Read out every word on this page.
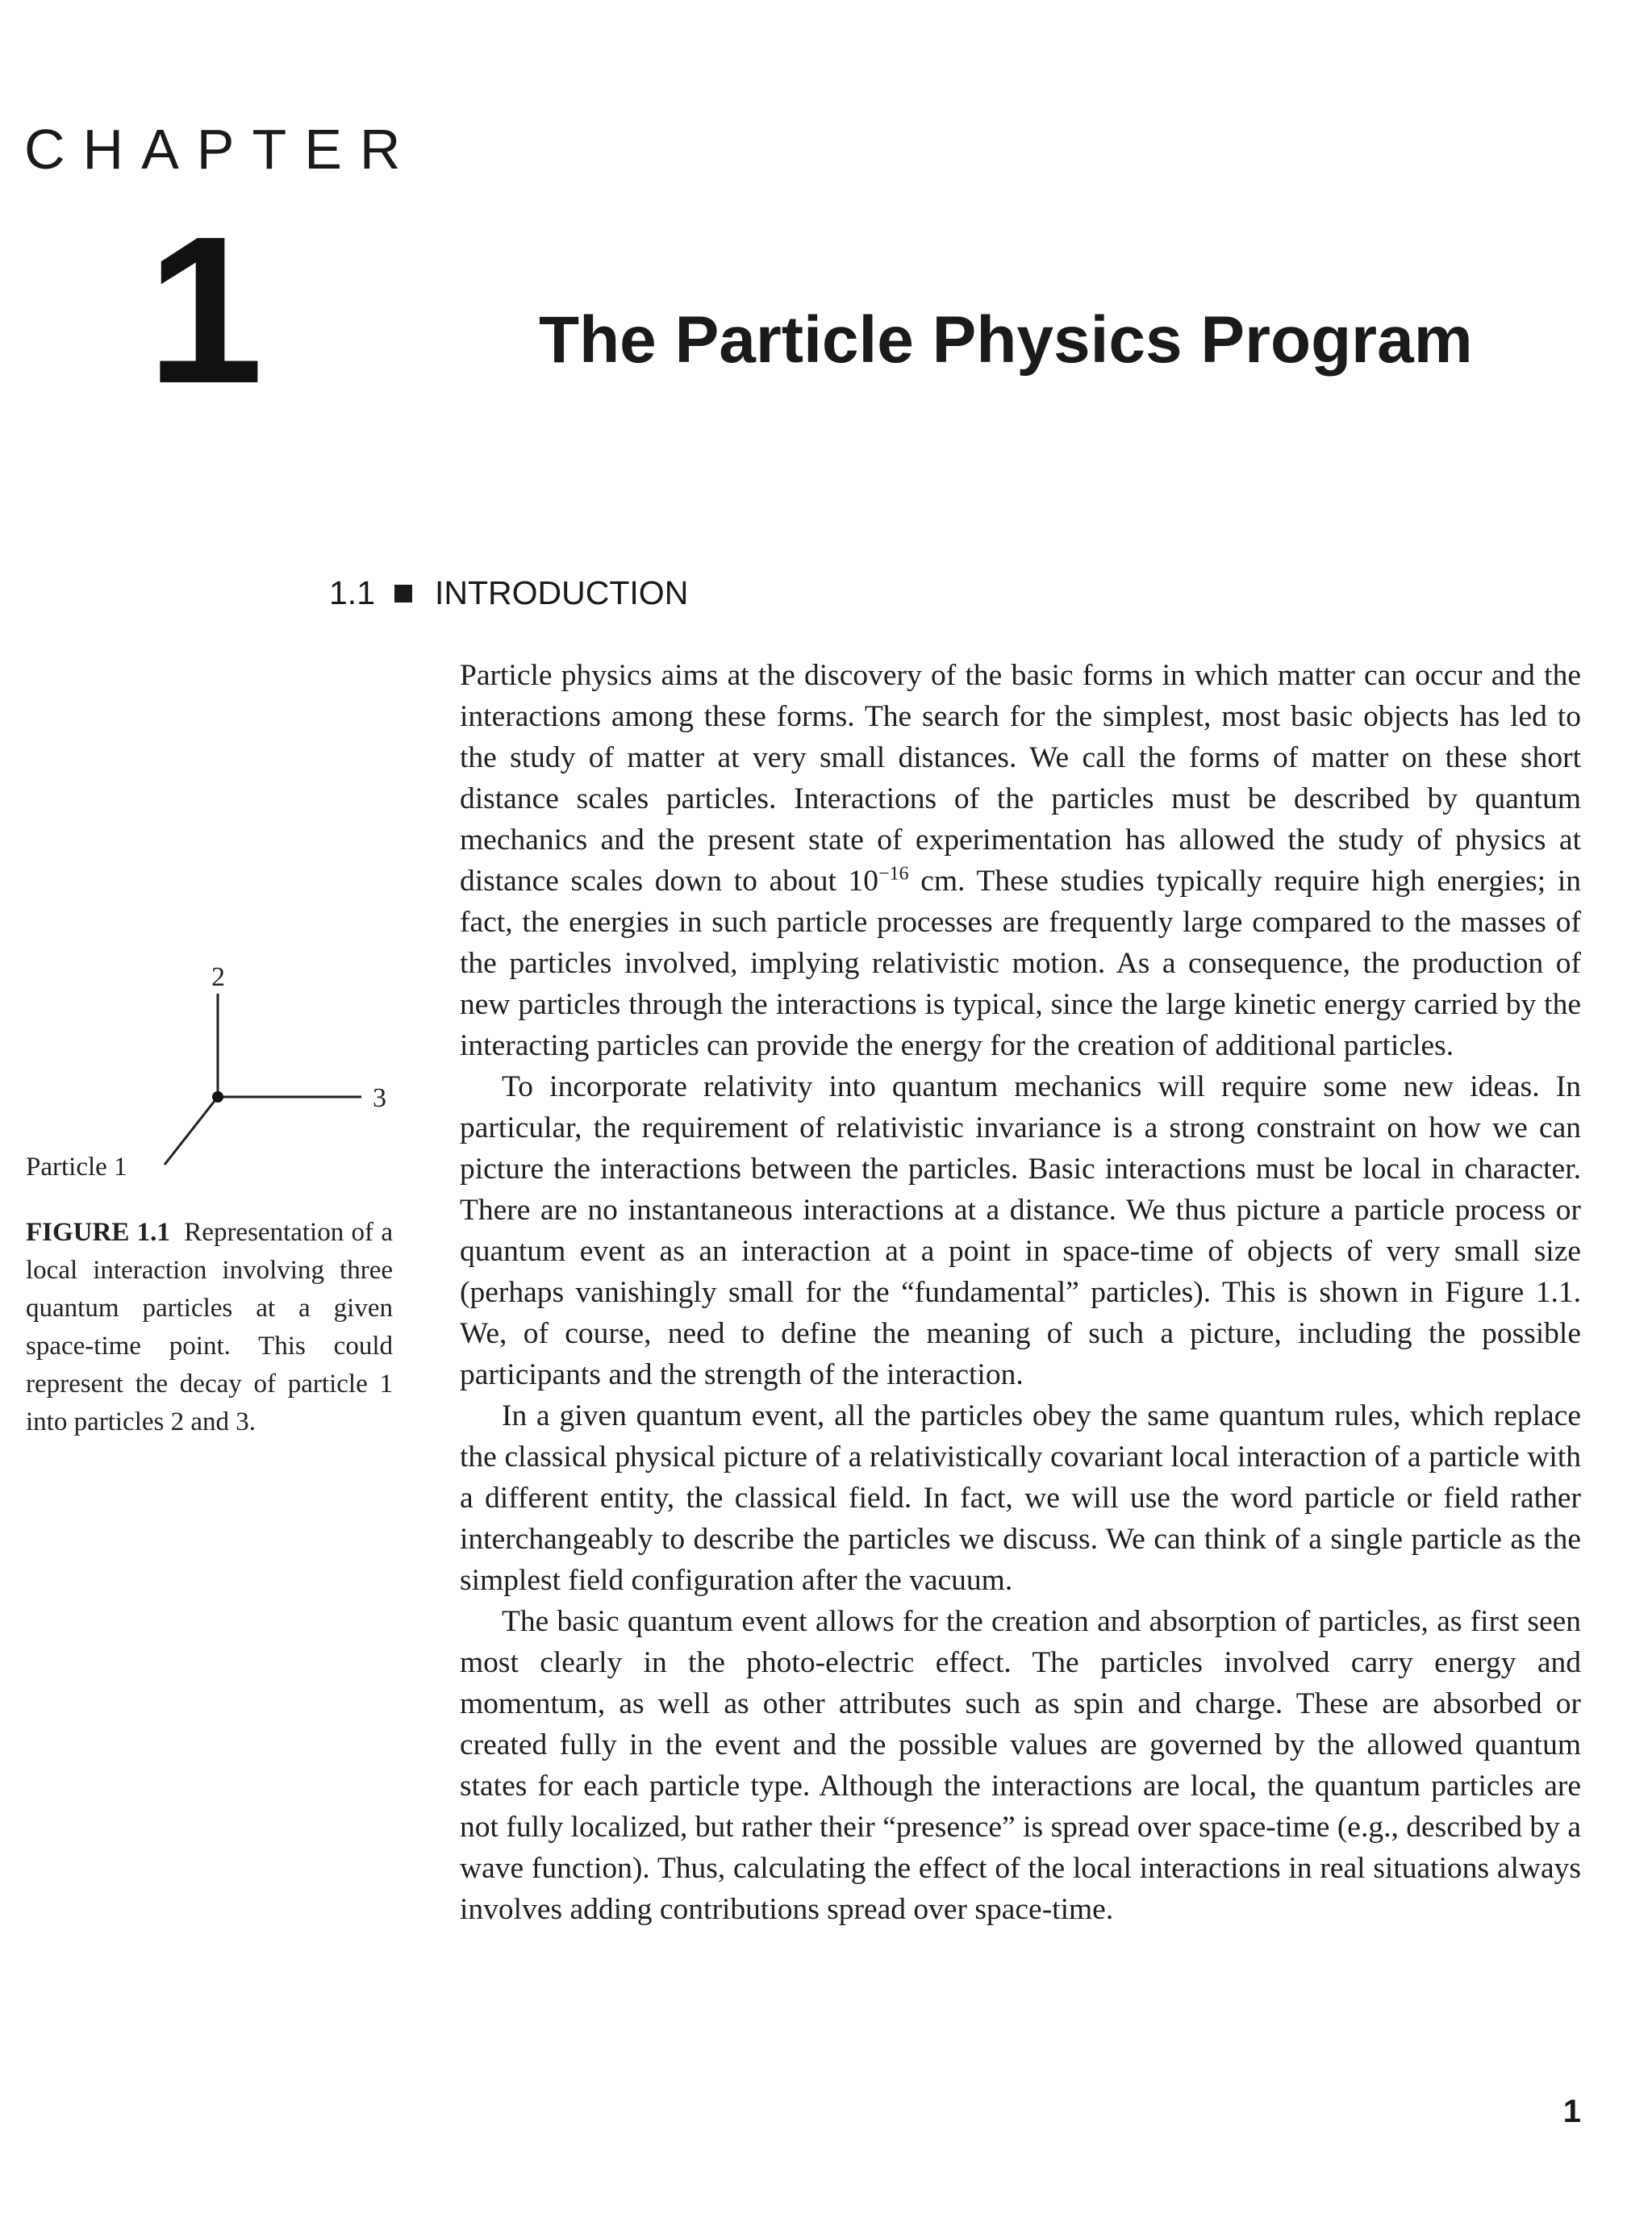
CHAPTER
1	The Particle Physics Program
1.1 INTRODUCTION

Particle physics aims at the discovery of the basic forms in which matter can occur and the interactions among these forms. The search for the simplest, most basic objects has led to the study of matter at very small distances. We call the forms of matter on these short distance scales particles. Interactions of the particles must be described by quantum mechanics and the present state of experimentation has allowed the study of physics at distance scales down to about $10^{-16}$ cm. These studies typically require high energies; in fact, the energies in such particle processes are frequently large compared to the masses of the particles involved, implying relativistic motion. As a consequence, the production of new particles through the interactions is typical, since the large kinetic energy carried by the interacting particles can provide the energy for the creation of additional particles.

To incorporate relativity into quantum mechanics will require some new ideas. In particular, the requirement of relativistic invariance is a strong constraint on how we can picture the interactions between the particles. Basic interactions must be local in character. There are no instantaneous interactions at a distance. We thus picture a particle process or quantum event as an interaction at a point in space-time of objects of very small size (perhaps vanishingly small for the “fundamental” particles). This is shown in Figure 1.1. We, of course, need to define the meaning of such a picture, including the possible participants and the strength of the interaction.

In a given quantum event, all the particles obey the same quantum rules, which replace the classical physical picture of a relativistically covariant local interaction of a particle with a different entity, the classical field. In fact, we will use the word particle or field rather interchangeably to describe the particles we discuss. We can think of a single particle as the simplest field configuration after the vacuum.

The basic quantum event allows for the creation and absorption of particles, as first seen most clearly in the photo-electric effect. The particles involved carry energy and momentum, as well as other attributes such as spin and charge. These are absorbed or created fully in the event and the possible values are governed by the allowed quantum states for each particle type. Although the interactions are local, the quantum particles are not fully localized, but rather their “presence” is spread over space-time (e.g., described by a wave function). Thus, calculating the effect of the local interactions in real situations always involves adding contributions spread over space-time.

2
3
Particle 1
FIGURE 1.1 Representation of a local interaction involving three quantum particles at a given space-time point. This could represent the decay of particle 1 into particles 2 and 3.
1
